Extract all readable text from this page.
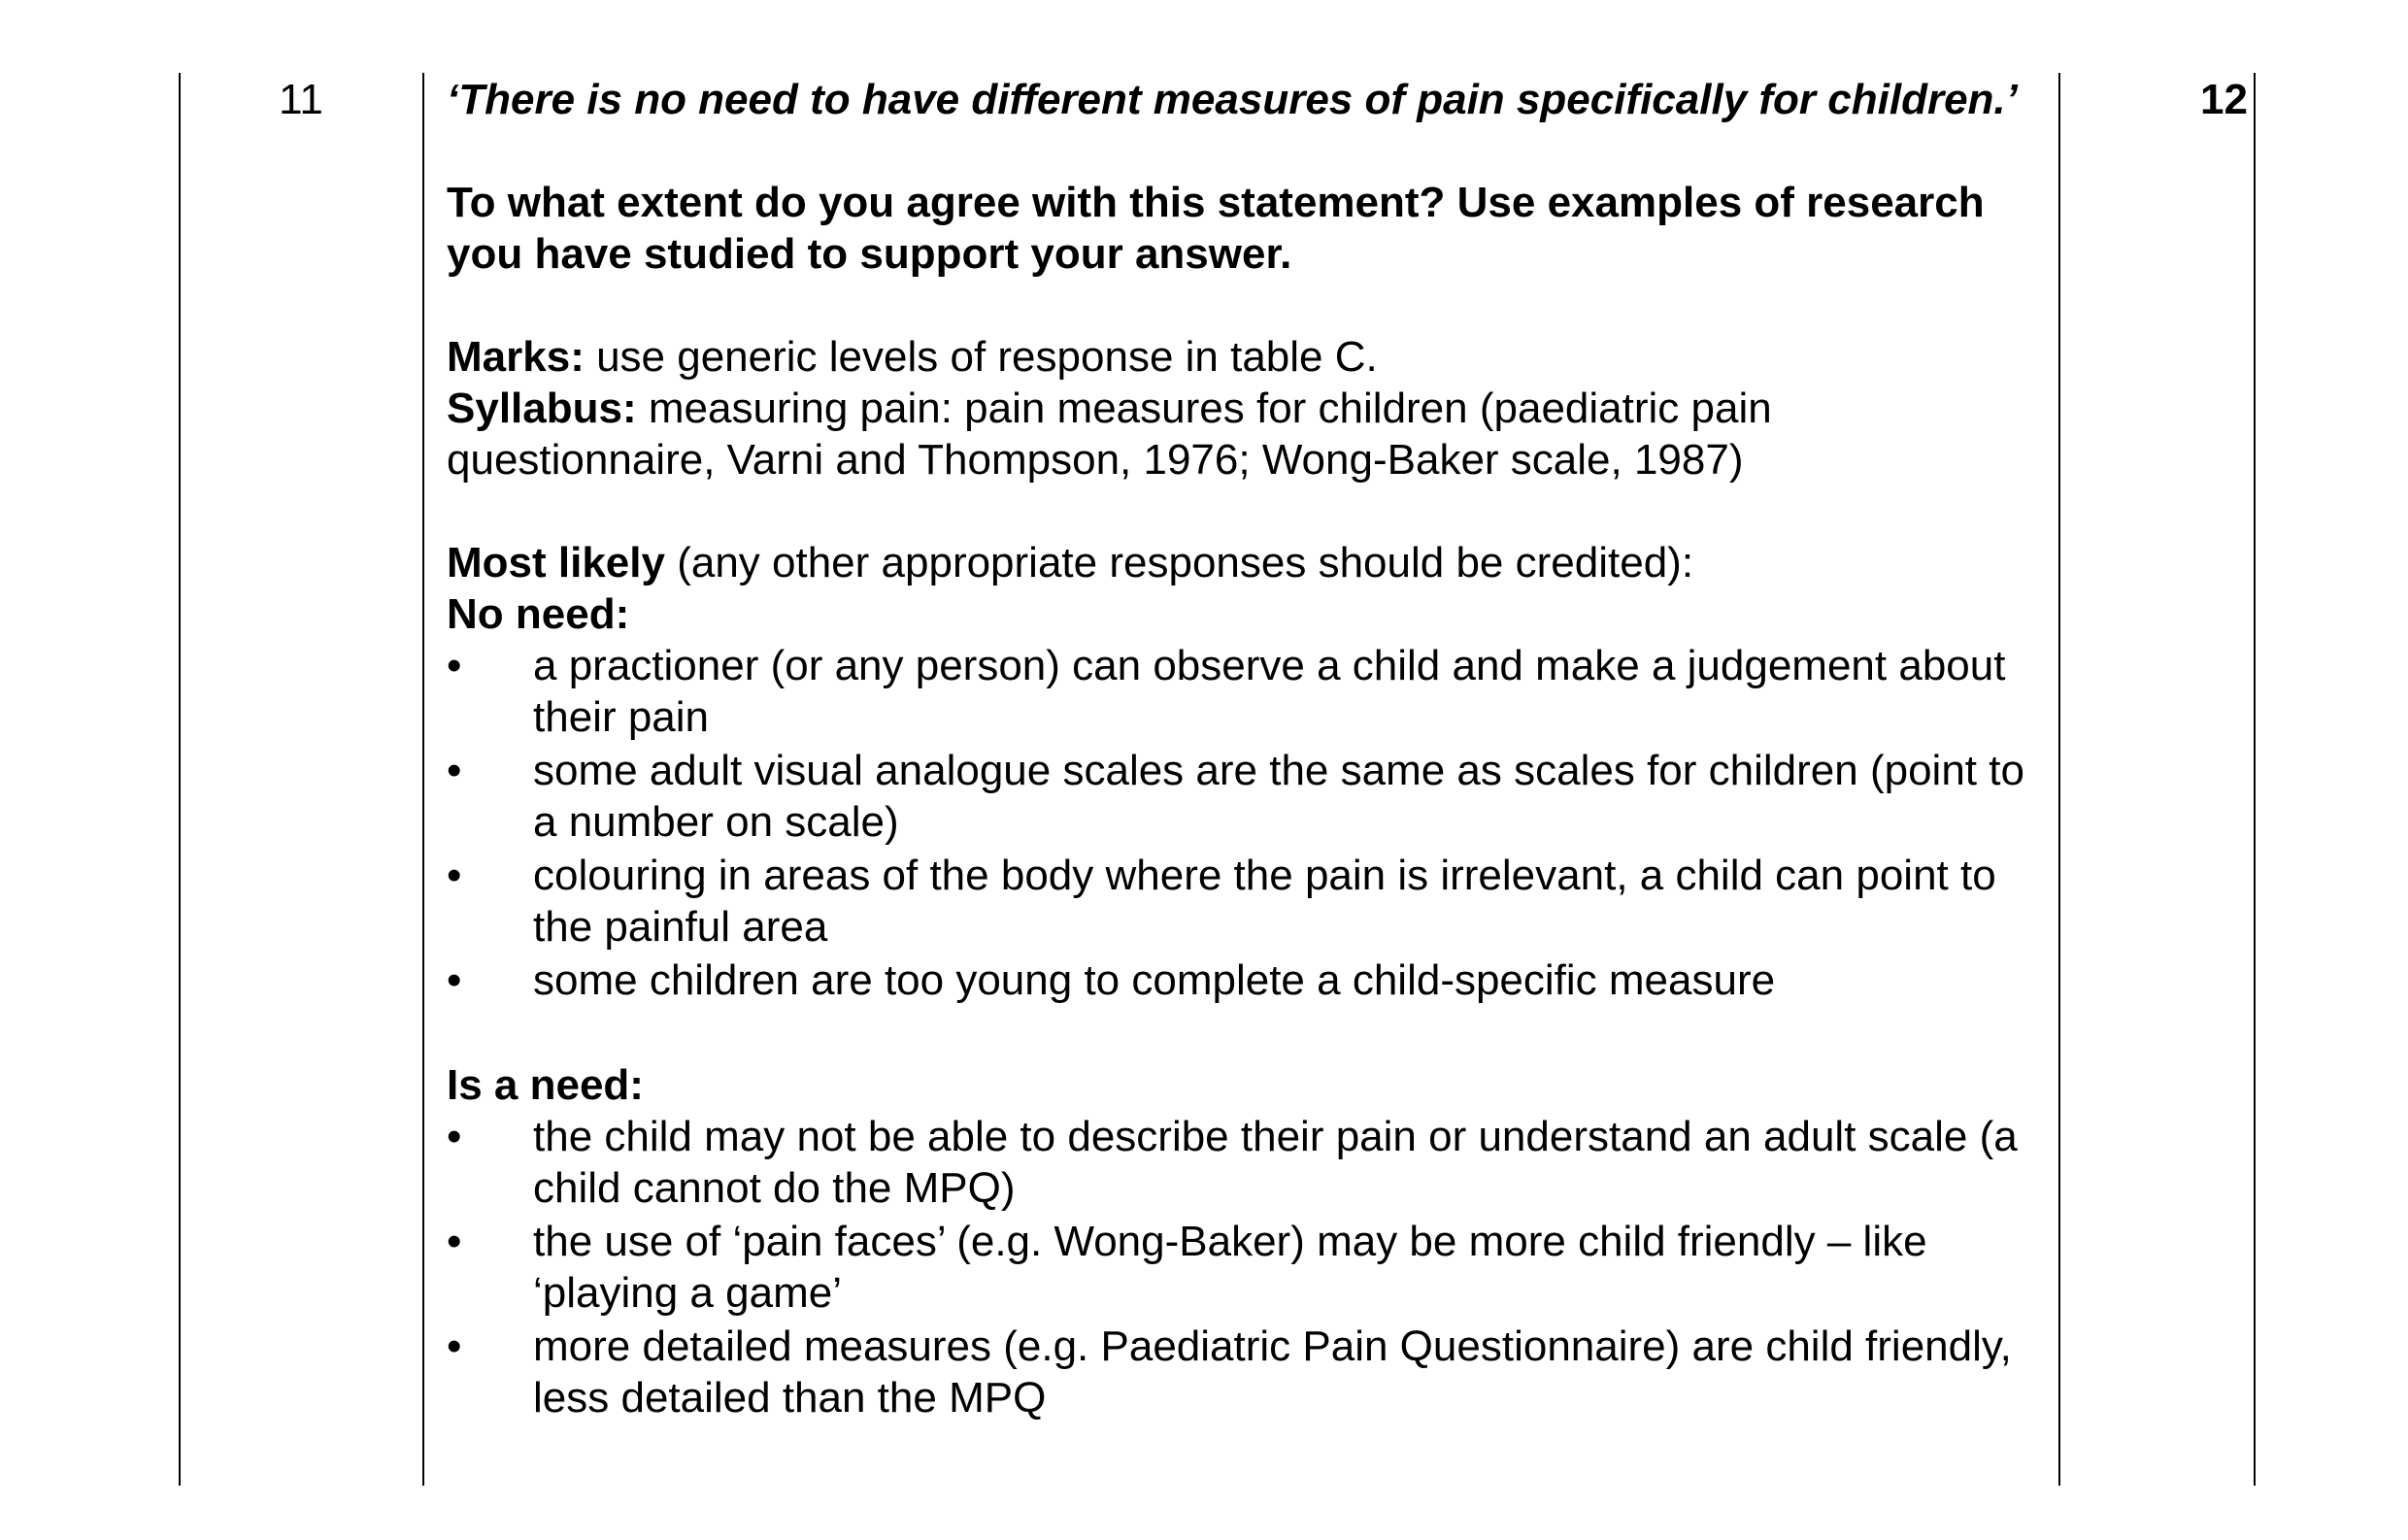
11	12

‘There is no need to have different measures of pain specifically for children.’

To what extent do you agree with this statement? Use examples of research you have studied to support your answer.

Marks: use generic levels of response in table C.

Syllabus: measuring pain: pain measures for children (paediatric pain questionnaire, Varni and Thompson, 1976; Wong-Baker scale, 1987)

Most likely (any other appropriate responses should be credited):

No need:

•	a practioner (or any person) can observe a child and make a judgement about their pain
•	some adult visual analogue scales are the same as scales for children (point to a number on scale)
•	colouring in areas of the body where the pain is irrelevant, a child can point to the painful area
•	some children are too young to complete a child-specific measure

Is a need:

•	the child may not be able to describe their pain or understand an adult scale (a child cannot do the MPQ)
•	the use of ‘pain faces’ (e.g. Wong-Baker) may be more child friendly – like ‘playing a game’
•	more detailed measures (e.g. Paediatric Pain Questionnaire) are child friendly, less detailed than the MPQ
